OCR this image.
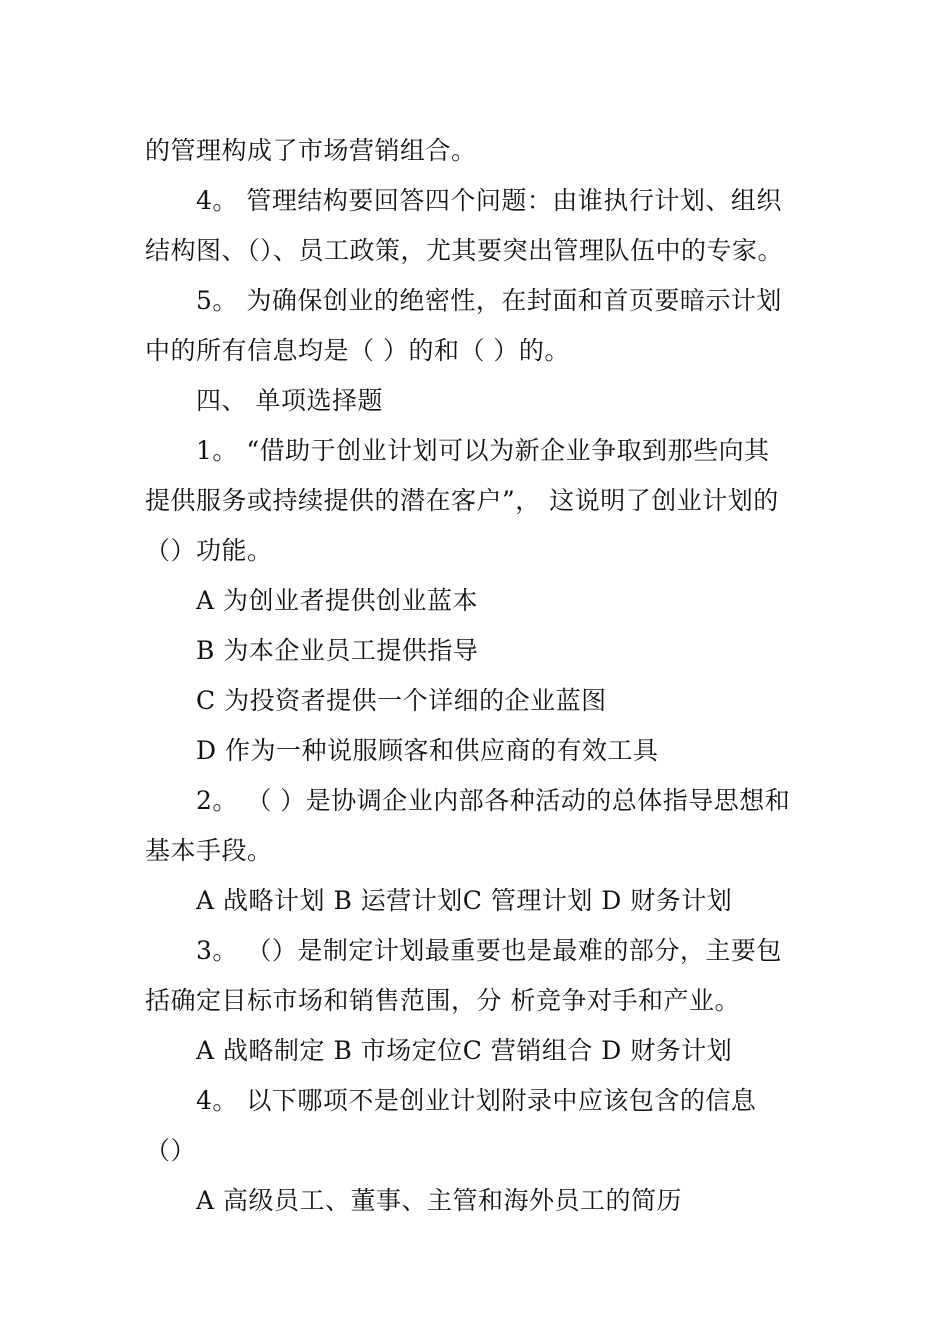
的管理构成了市场营销组合。
4。 管理结构要回答四个问题：由谁执行计划、组织
结构图、（）、员工政策，尤其要突出管理队伍中的专家。
5。 为确保创业的绝密性，在封面和首页要暗示计划
中的所有信息均是（ ）的和（ ）的。
四、 单项选择题
1。 “借助于创业计划可以为新企业争取到那些向其
提供服务或持续提供的潜在客户”， 这说明了创业计划的
（）功能。
A 为创业者提供创业蓝本
B 为本企业员工提供指导
C 为投资者提供一个详细的企业蓝图
D 作为一种说服顾客和供应商的有效工具
2。 （ ）是协调企业内部各种活动的总体指导思想和
基本手段。
A 战略计划 B 运营计划C 管理计划 D 财务计划
3。 （）是制定计划最重要也是最难的部分，主要包
括确定目标市场和销售范围，分 析竞争对手和产业。
A 战略制定 B 市场定位C 营销组合 D 财务计划
4。 以下哪项不是创业计划附录中应该包含的信息
（）
A 高级员工、董事、主管和海外员工的简历
